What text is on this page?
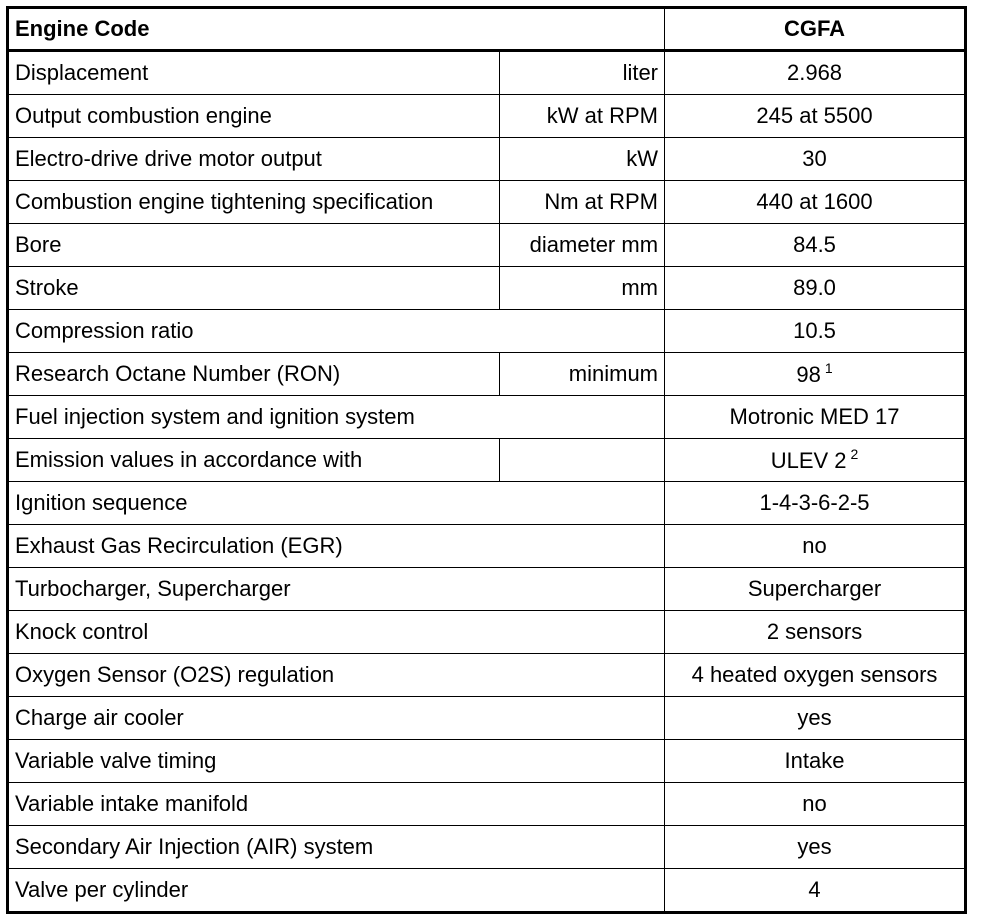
Engine Code		CGFA
Displacement	liter	2.968
Output combustion engine	kW at RPM	245 at 5500
Electro-drive drive motor output	kW	30
Combustion engine tightening specification	Nm at RPM	440 at 1600
Bore	diameter mm	84.5
Stroke	mm	89.0
Compression ratio		10.5
Research Octane Number (RON)	minimum	98 $^1$
Fuel injection system and ignition system		Motronic MED 17
Emission values in accordance with		ULEV 2 $^2$
Ignition sequence		1-4-3-6-2-5
Exhaust Gas Recirculation (EGR)		no
Turbocharger, Supercharger		Supercharger
Knock control		2 sensors
Oxygen Sensor (O2S) regulation		4 heated oxygen sensors
Charge air cooler		yes
Variable valve timing		Intake
Variable intake manifold		no
Secondary Air Injection (AIR) system		yes
Valve per cylinder		4
